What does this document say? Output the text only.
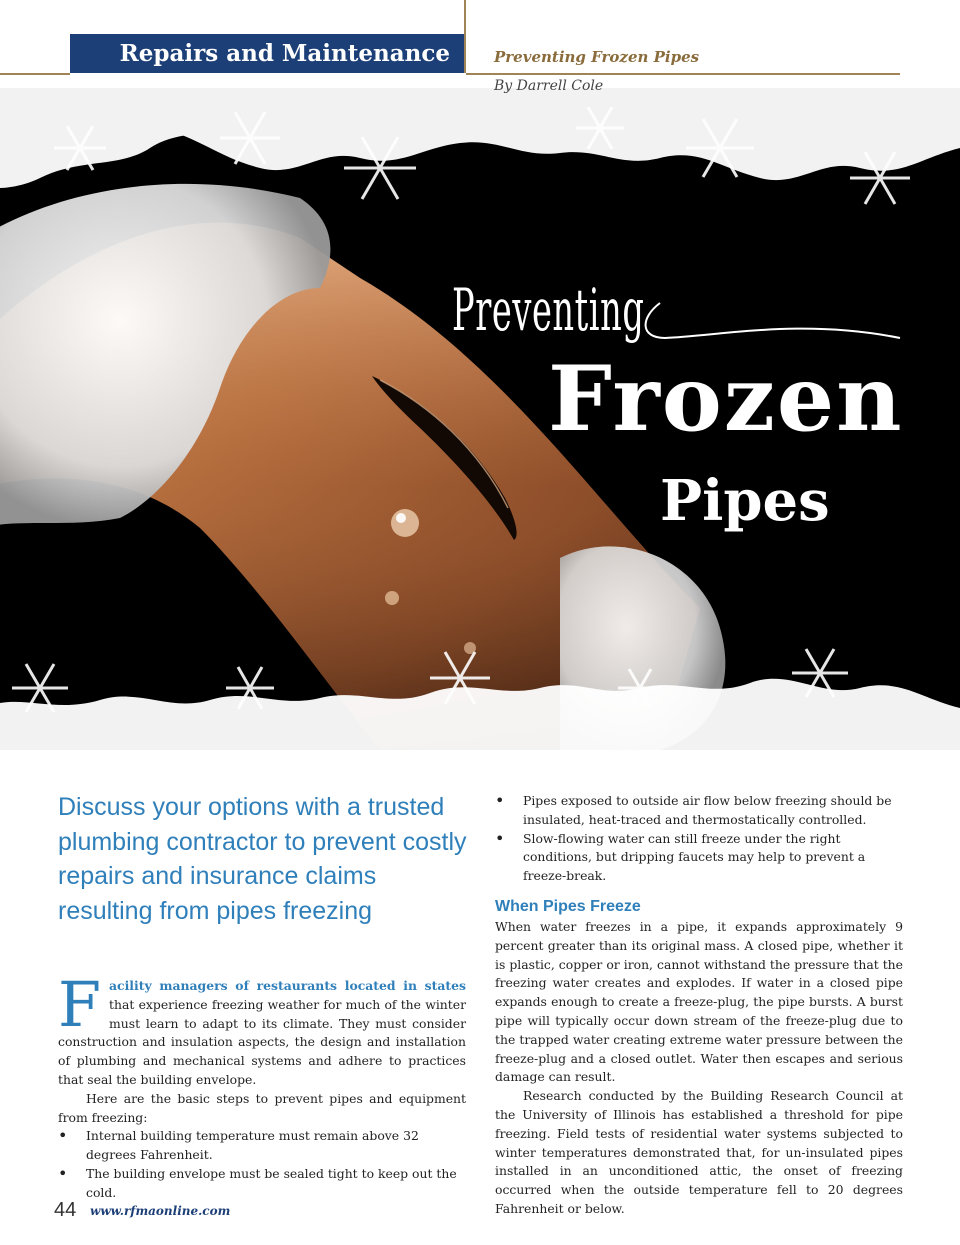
Repairs and Maintenance	Preventing Frozen Pipes
By Darrell Cole
Preventing
Frozen
Pipes

Discuss your options with a trusted plumbing contractor to prevent costly repairs and insurance claims resulting from pipes freezing

Facility managers of restaurants located in states that experience freezing weather for much of the winter must learn to adapt to its climate. They must consider construction and insulation aspects, the design and installation of plumbing and mechanical systems and adhere to practices that seal the building envelope.

Here are the basic steps to prevent pipes and equipment from freezing:

• Internal building temperature must remain above 32 degrees Fahrenheit.
• The building envelope must be sealed tight to keep out the cold.
• Pipes exposed to outside air flow below freezing should be insulated, heat-traced and thermostatically controlled.
• Slow-flowing water can still freeze under the right conditions, but dripping faucets may help to prevent a freeze-break.
When Pipes Freeze

When water freezes in a pipe, it expands approximately 9 percent greater than its original mass. A closed pipe, whether it is plastic, copper or iron, cannot withstand the pressure that the freezing water creates and explodes. If water in a closed pipe expands enough to create a freeze-plug, the pipe bursts. A burst pipe will typically occur down stream of the freeze-plug due to the trapped water creating extreme water pressure between the freeze-plug and a closed outlet. Water then escapes and serious damage can result.

Research conducted by the Building Research Council at the University of Illinois has established a threshold for pipe freezing. Field tests of residential water systems subjected to winter temperatures demonstrated that, for un-insulated pipes installed in an unconditioned attic, the onset of freezing occurred when the outside temperature fell to 20 degrees Fahrenheit or below.

44 www.rfmaonline.com
